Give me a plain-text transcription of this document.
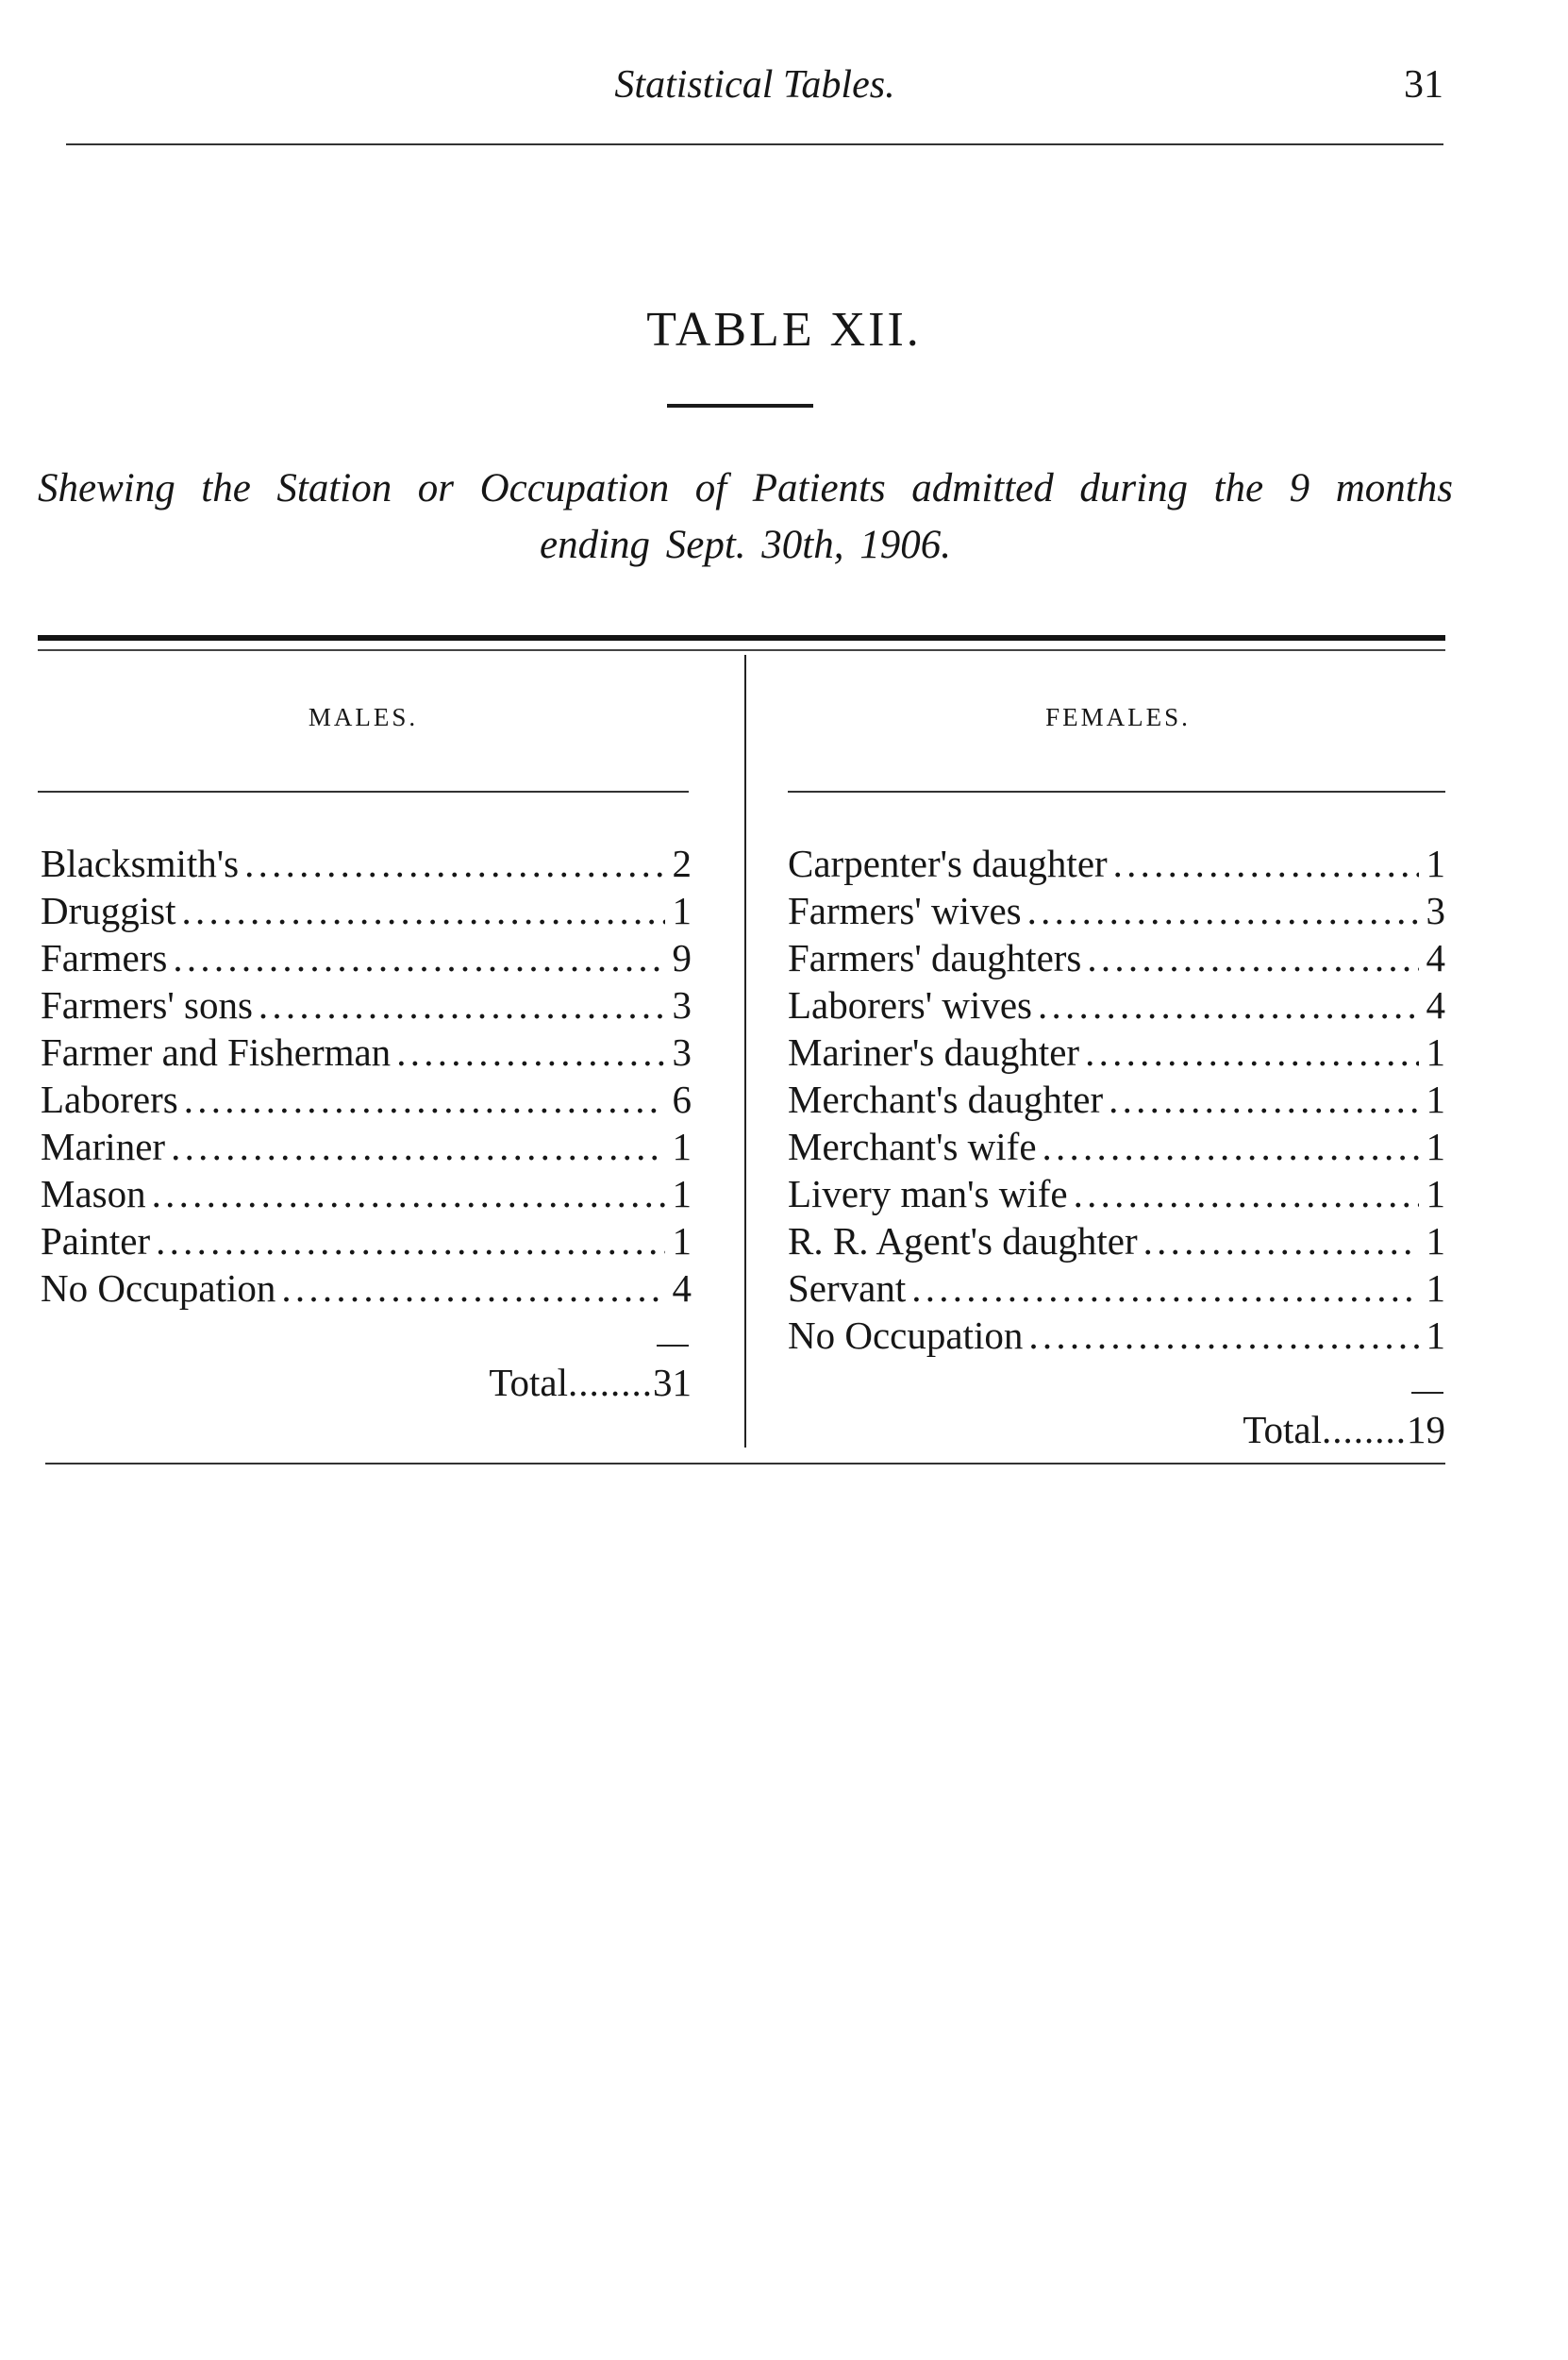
Statistical Tables.	31
TABLE XII.

Shewing the Station or Occupation of Patients admitted during the 9 months ending Sept. 30th, 1906.

MALES.	FEMALES.
Blacksmith's . . .	2
Druggist . . .	1
Farmers . . .	9
Farmers' sons . . .	3
Farmer and Fisherman . . .	3
Laborers . . .	6
Mariner . . .	1
Mason . . .	1
Painter . . .	1
No Occupation . . .	4
Total........31
Carpenter's daughter . . .	1
Farmers' wives . . .	3
Farmers' daughters . . .	4
Laborers' wives . . .	4
Mariner's daughter . . .	1
Merchant's daughter . . .	1
Merchant's wife . . .	1
Livery man's wife . . .	1
R. R. Agent's daughter . . .	1
Servant . . .	1
No Occupation . . .	1
Total........19
